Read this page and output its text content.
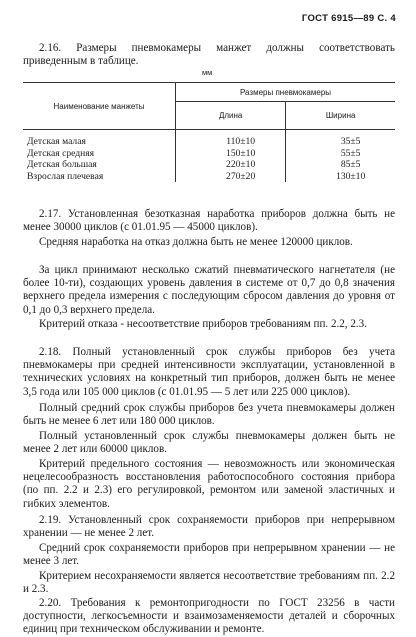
ГОСТ 6915—89 С. 4
2.16. Размеры пневмокамеры манжет должны соответствовать приведенным в таблице.
мм
Наименование манжеты	Размеры пневмокамеры	
	Длина	Ширина
Детская малая	110±10	35±5
Детская средняя	150±10	55±5
Детская большая	220±10	85±5
Взрослая плечевая	270±20	130±10
2.17. Установленная безотказная наработка приборов должна быть не менее 30000 циклов (с 01.01.95 — 45000 циклов).
Средняя наработка на отказ должна быть не менее 120000 циклов.
За цикл принимают несколько сжатий пневматического нагнетателя (не более 10-ти), создающих уровень давления в системе от 0,7 до 0,8 значения верхнего предела измерения с последующим сбросом давления до уровня от 0,1 до 0,3 верхнего предела.
Критерий отказа - несоответствие приборов требованиям пп. 2.2, 2.3.
2.18. Полный установленный срок службы приборов без учета пневмокамеры при средней интенсивности эксплуатации, установленной в технических условиях на конкретный тип приборов, должен быть не менее 3,5 года или 105 000 циклов (с 01.01.95 — 5 лет или 225 000 циклов).
Полный средний срок службы приборов без учета пневмокамеры должен быть не менее 6 лет или 180 000 циклов.
Полный установленный срок службы пневмокамеры должен быть не менее 2 лет или 60000 циклов.
Критерий предельного состояния — невозможность или экономическая нецелесообразность восстановления работоспособного состояния прибора (по пп. 2.2 и 2.3) его регулировкой, ремонтом или заменой эластичных и гибких элементов.
2.19. Установленный срок сохраняемости приборов при непрерывном хранении — не менее 2 лет.
Средний срок сохраняемости приборов при непрерывном хранении — не менее 3 лет.
Критерием несохраняемости является несоответствие требованиям пп. 2.2 и 2.3.
2.20. Требования к ремонтопригодности по ГОСТ 23256 в части доступности, легкосъемности и взаимозаменяемости деталей и сборочных единиц при техническом обслуживании и ремонте.
